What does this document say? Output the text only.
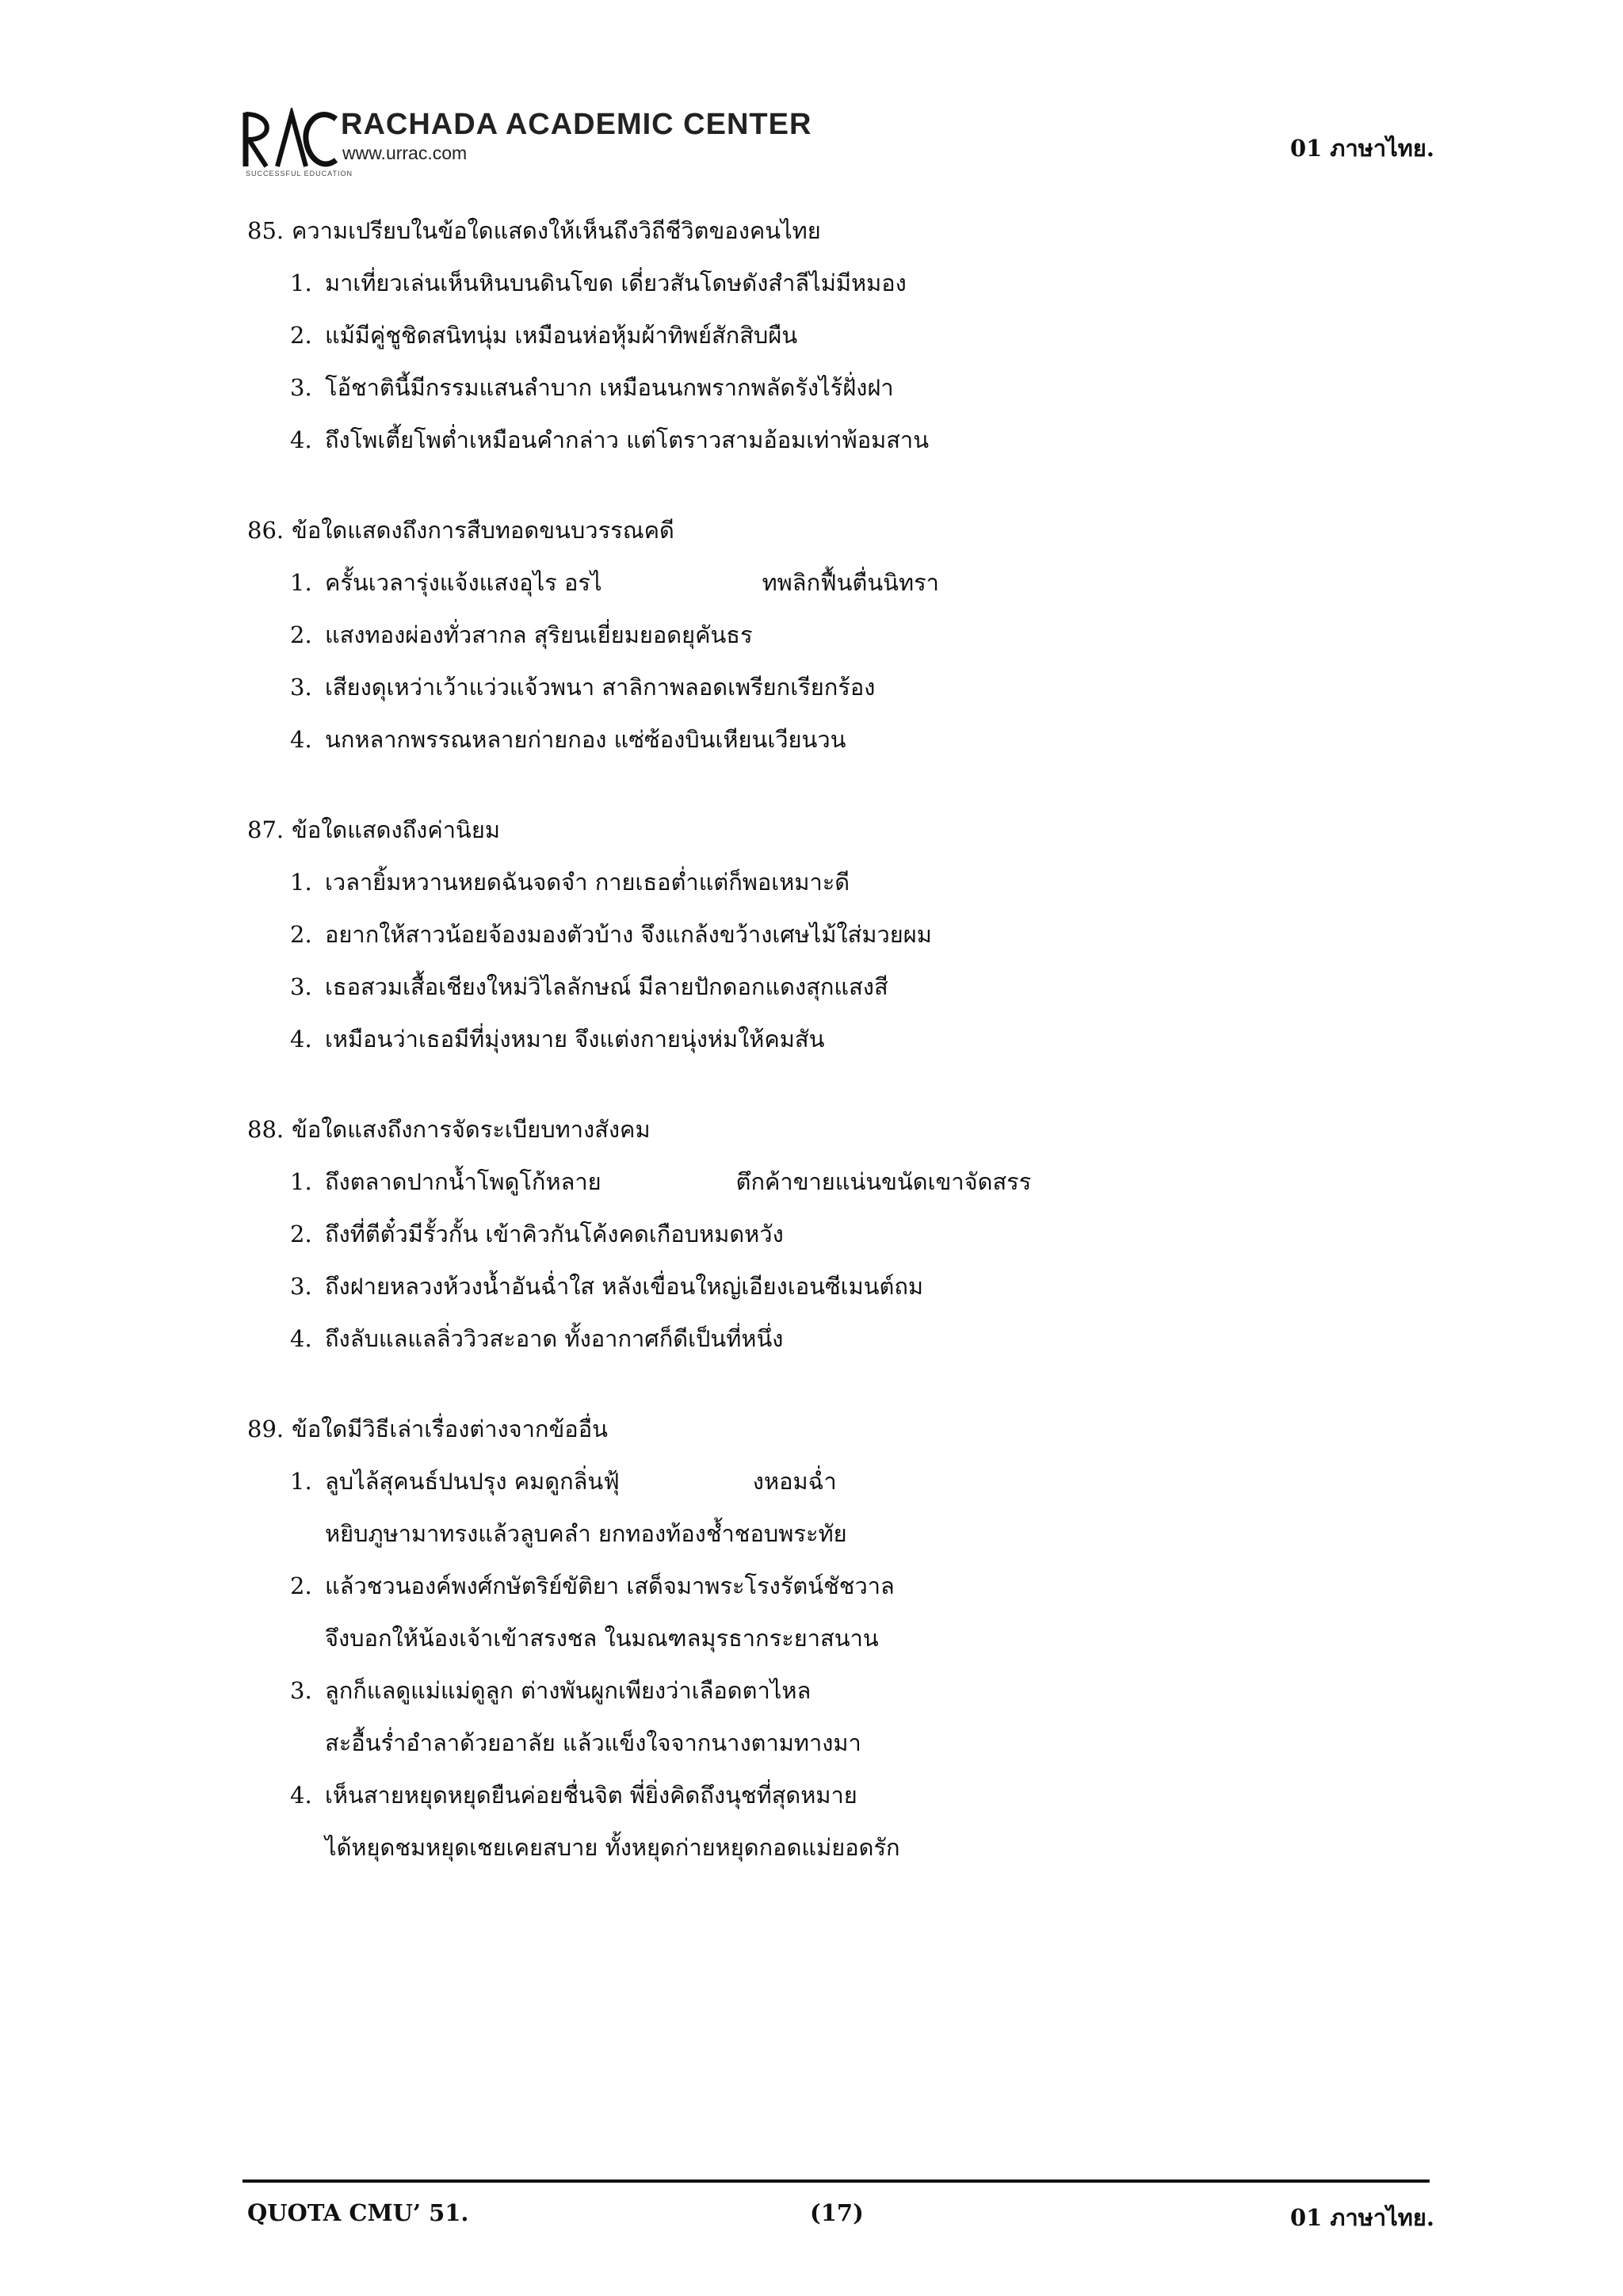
RACHADA ACADEMIC CENTER
www.urrac.com
SUCCESSFUL EDUCATION
01 ภาษาไทย.
85. ความเปรียบในข้อใดแสดงให้เห็นถึงวิถีชีวิตของคนไทย
1. มาเที่ยวเล่นเห็นหินบนดินโขด เดี่ยวสันโดษดังสำลีไม่มีหมอง
2. แม้มีคู่ชูชิดสนิทนุ่ม เหมือนห่อหุ้มผ้าทิพย์สักสิบผืน
3. โอ้ชาตินี้มีกรรมแสนลำบาก เหมือนนกพรากพลัดรังไร้ฝั่งฝา
4. ถึงโพเตี้ยโพต่ำเหมือนคำกล่าว แต่โตราวสามอ้อมเท่าพ้อมสาน
86. ข้อใดแสดงถึงการสืบทอดขนบวรรณคดี
1. ครั้นเวลารุ่งแจ้งแสงอุไร อรไ	ทพลิกฟื้นตื่นนิทรา
2. แสงทองผ่องทั่วสากล สุริยนเยี่ยมยอดยุคันธร
3. เสียงดุเหว่าเว้าแว่วแจ้วพนา สาลิกาพลอดเพรียกเรียกร้อง
4. นกหลากพรรณหลายก่ายกอง แซ่ซ้องบินเหียนเวียนวน
87. ข้อใดแสดงถึงค่านิยม
1. เวลายิ้มหวานหยดฉันจดจำ กายเธอต่ำแต่ก็พอเหมาะดี
2. อยากให้สาวน้อยจ้องมองตัวบ้าง จึงแกล้งขว้างเศษไม้ใส่มวยผม
3. เธอสวมเสื้อเชียงใหม่วิไลลักษณ์ มีลายปักดอกแดงสุกแสงสี
4. เหมือนว่าเธอมีที่มุ่งหมาย จึงแต่งกายนุ่งห่มให้คมสัน
88. ข้อใดแสงถึงการจัดระเบียบทางสังคม
1. ถึงตลาดปากน้ำโพดูโก้หลาย	ตึกค้าขายแน่นขนัดเขาจัดสรร
2. ถึงที่ตีตั๋วมีรั้วกั้น เข้าคิวกันโค้งคดเกือบหมดหวัง
3. ถึงฝายหลวงห้วงน้ำอันฉ่ำใส หลังเขื่อนใหญ่เอียงเอนซีเมนต์ถม
4. ถึงลับแลแลลิ่ววิวสะอาด ทั้งอากาศก็ดีเป็นที่หนึ่ง
89. ข้อใดมีวิธีเล่าเรื่องต่างจากข้ออื่น
1. ลูบไล้สุคนธ์ปนปรุง คมดูกลิ่นฟุ้	งหอมฉ่ำ
หยิบภูษามาทรงแล้วลูบคลำ ยกทองท้องช้ำชอบพระทัย
2. แล้วชวนองค์พงศ์กษัตริย์ขัติยา เสด็จมาพระโรงรัตน์ชัชวาล
จึงบอกให้น้องเจ้าเข้าสรงชล ในมณฑลมุรธากระยาสนาน
3. ลูกก็แลดูแม่แม่ดูลูก ต่างพันผูกเพียงว่าเลือดตาไหล
สะอื้นร่ำอำลาด้วยอาลัย แล้วแข็งใจจากนางตามทางมา
4. เห็นสายหยุดหยุดยืนค่อยชื่นจิต พี่ยิ่งคิดถึงนุชที่สุดหมาย
ได้หยุดชมหยุดเชยเคยสบาย ทั้งหยุดก่ายหยุดกอดแม่ยอดรัก
QUOTA CMU’ 51.	(17)	01 ภาษาไทย.
